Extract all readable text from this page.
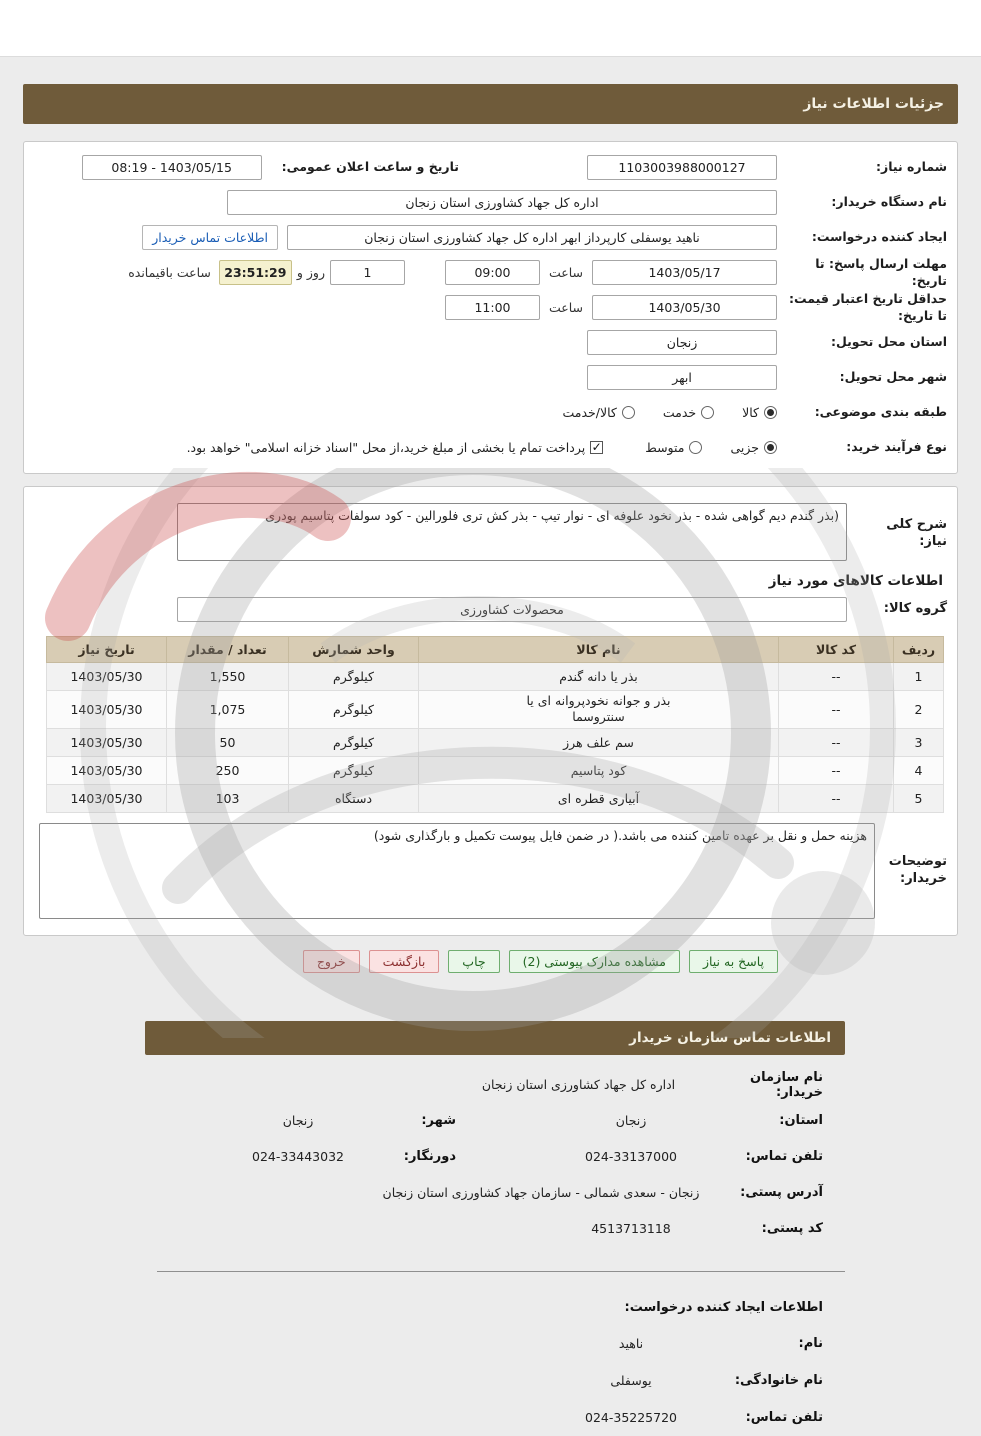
جزئیات اطلاعات نیاز
شماره نیاز:
1103003988000127
تاریخ و ساعت اعلان عمومی:
08:19 - 1403/05/15
نام دستگاه خریدار:
اداره کل جهاد کشاورزی استان زنجان
ایجاد کننده درخواست:
ناهید یوسفلی کارپرداز ابهر اداره کل جهاد کشاورزی استان زنجان
اطلاعات تماس خریدار
مهلت ارسال پاسخ: تا تاریخ:
1403/05/17
ساعت
09:00
1
روز و
23:51:29
ساعت باقیمانده
حداقل تاریخ اعتبار قیمت: تا تاریخ:
1403/05/30
ساعت
11:00
استان محل تحویل:
زنجان
شهر محل تحویل:
ابهر
طبقه بندی موضوعی:
کالا
خدمت
کالا/خدمت
نوع فرآیند خرید:
جزیی
متوسط
✓
پرداخت تمام یا بخشی از مبلغ خرید،از محل "اسناد خزانه اسلامی" خواهد بود.
شرح کلی نیاز:
(بذر گندم دیم گواهی شده - بذر نخود علوفه ای - نوار تیپ - بذر کش تری فلورالین - کود سولفات پتاسیم پودری
اطلاعات کالاهای مورد نیاز
گروه کالا:
محصولات کشاورزی
ردیف	کد کالا	نام کالا	واحد شمارش	تعداد / مقدار	تاریخ نیاز
1	--	بذر یا دانه گندم	کیلوگرم	1,550	1403/05/30
2	--	بذر و جوانه نخودپروانه ای یا سنتروسما	کیلوگرم	1,075	1403/05/30
3	--	سم علف هرز	کیلوگرم	50	1403/05/30
4	--	کود پتاسیم	کیلوگرم	250	1403/05/30
5	--	آبیاری قطره ای	دستگاه	103	1403/05/30
توضیحات خریدار:
هزینه حمل و نقل بر عهده تامین کننده می باشد.( در ضمن فایل پیوست تکمیل و بارگذاری شود)
پاسخ به نیاز
مشاهده مدارک پیوستی (2)
چاپ
بازگشت
خروج
اطلاعات تماس سازمان خریدار
نام سازمان خریدار:
اداره کل جهاد کشاورزی استان زنجان
استان:
زنجان
شهر:
زنجان
تلفن تماس:
024-33137000
دورنگار:
024-33443032
آدرس پستی:
زنجان - سعدی شمالی - سازمان جهاد کشاورزی استان زنجان
کد پستی:
4513713118
اطلاعات ایجاد کننده درخواست:
نام:
ناهید
نام خانوادگی:
یوسفلی
تلفن تماس:
024-35225720
